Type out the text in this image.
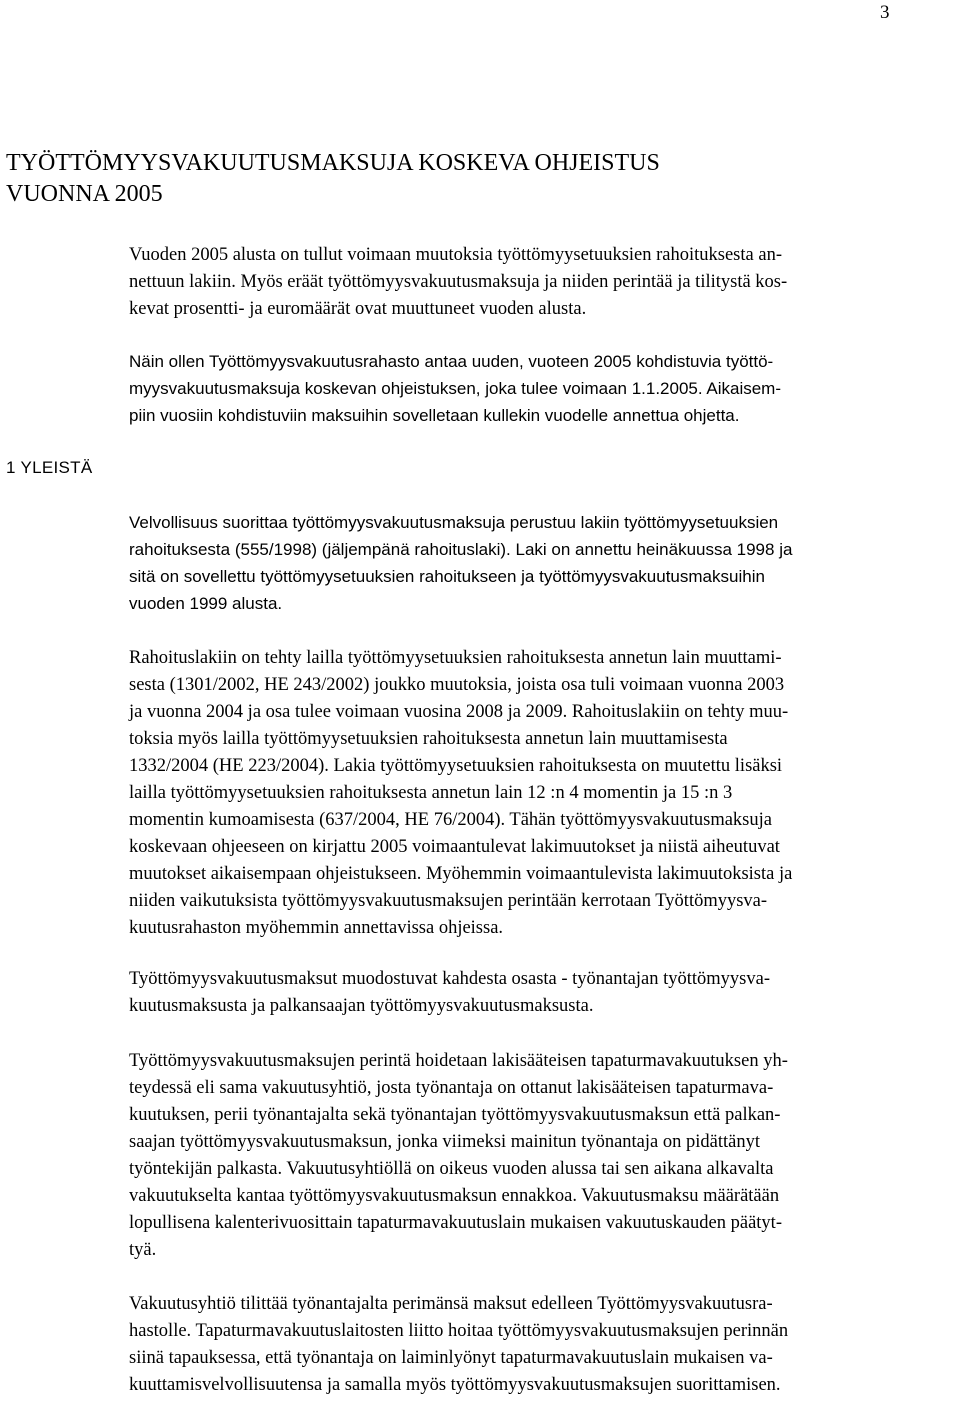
3
TYÖTTÖMYYSVAKUUTUSMAKSUJA KOSKEVA OHJEISTUS
VUONNA 2005
Vuoden 2005 alusta on tullut voimaan muutoksia työttömyysetuuksien rahoituksesta an-
nettuun lakiin. Myös eräät työttömyysvakuutusmaksuja ja niiden perintää ja tilitystä kos-
kevat prosentti- ja euromäärät ovat muuttuneet vuoden alusta.
Näin ollen Työttömyysvakuutusrahasto antaa uuden, vuoteen 2005 kohdistuvia työttö-
myysvakuutusmaksuja koskevan ohjeistuksen, joka tulee voimaan 1.1.2005. Aikaisem-
piin vuosiin kohdistuviin maksuihin sovelletaan kullekin vuodelle annettua ohjetta.
1 YLEISTÄ
Velvollisuus suorittaa työttömyysvakuutusmaksuja perustuu lakiin työttömyysetuuksien
rahoituksesta (555/1998) (jäljempänä rahoituslaki). Laki on annettu heinäkuussa 1998 ja
sitä on sovellettu työttömyysetuuksien rahoitukseen ja työttömyysvakuutusmaksuihin
vuoden 1999 alusta.
Rahoituslakiin on tehty lailla työttömyysetuuksien rahoituksesta annetun lain muuttami-
sesta (1301/2002, HE 243/2002) joukko muutoksia, joista osa tuli voimaan vuonna 2003
ja vuonna 2004 ja osa tulee voimaan vuosina 2008 ja 2009. Rahoituslakiin on tehty muu-
toksia myös lailla työttömyysetuuksien rahoituksesta annetun lain muuttamisesta
1332/2004 (HE 223/2004). Lakia työttömyysetuuksien rahoituksesta on muutettu lisäksi
lailla työttömyysetuuksien rahoituksesta annetun lain 12 :n 4 momentin ja 15 :n 3
momentin kumoamisesta (637/2004, HE 76/2004). Tähän työttömyysvakuutusmaksuja
koskevaan ohjeeseen on kirjattu 2005 voimaantulevat lakimuutokset ja niistä aiheutuvat
muutokset aikaisempaan ohjeistukseen. Myöhemmin voimaantulevista lakimuutoksista ja
niiden vaikutuksista työttömyysvakuutusmaksujen perintään kerrotaan Työttömyysva-
kuutusrahaston myöhemmin annettavissa ohjeissa.
Työttömyysvakuutusmaksut muodostuvat kahdesta osasta - työnantajan työttömyysva-
kuutusmaksusta ja palkansaajan työttömyysvakuutusmaksusta.
Työttömyysvakuutusmaksujen perintä hoidetaan lakisääteisen tapaturmavakuutuksen yh-
teydessä eli sama vakuutusyhtiö, josta työnantaja on ottanut lakisääteisen tapaturmava-
kuutuksen, perii työnantajalta sekä työnantajan työttömyysvakuutusmaksun että palkan-
saajan työttömyysvakuutusmaksun, jonka viimeksi mainitun työnantaja on pidättänyt
työntekijän palkasta. Vakuutusyhtiöllä on oikeus vuoden alussa tai sen aikana alkavalta
vakuutukselta kantaa työttömyysvakuutusmaksun ennakkoa. Vakuutusmaksu määrätään
lopullisena kalenterivuosittain tapaturmavakuutuslain mukaisen vakuutuskauden päätyt-
tyä.
Vakuutusyhtiö tilittää työnantajalta perimänsä maksut edelleen Työttömyysvakuutusra-
hastolle. Tapaturmavakuutuslaitosten liitto hoitaa työttömyysvakuutusmaksujen perinnän
siinä tapauksessa, että työnantaja on laiminlyönyt tapaturmavakuutuslain mukaisen va-
kuuttamisvelvollisuutensa ja samalla myös työttömyysvakuutusmaksujen suorittamisen.
